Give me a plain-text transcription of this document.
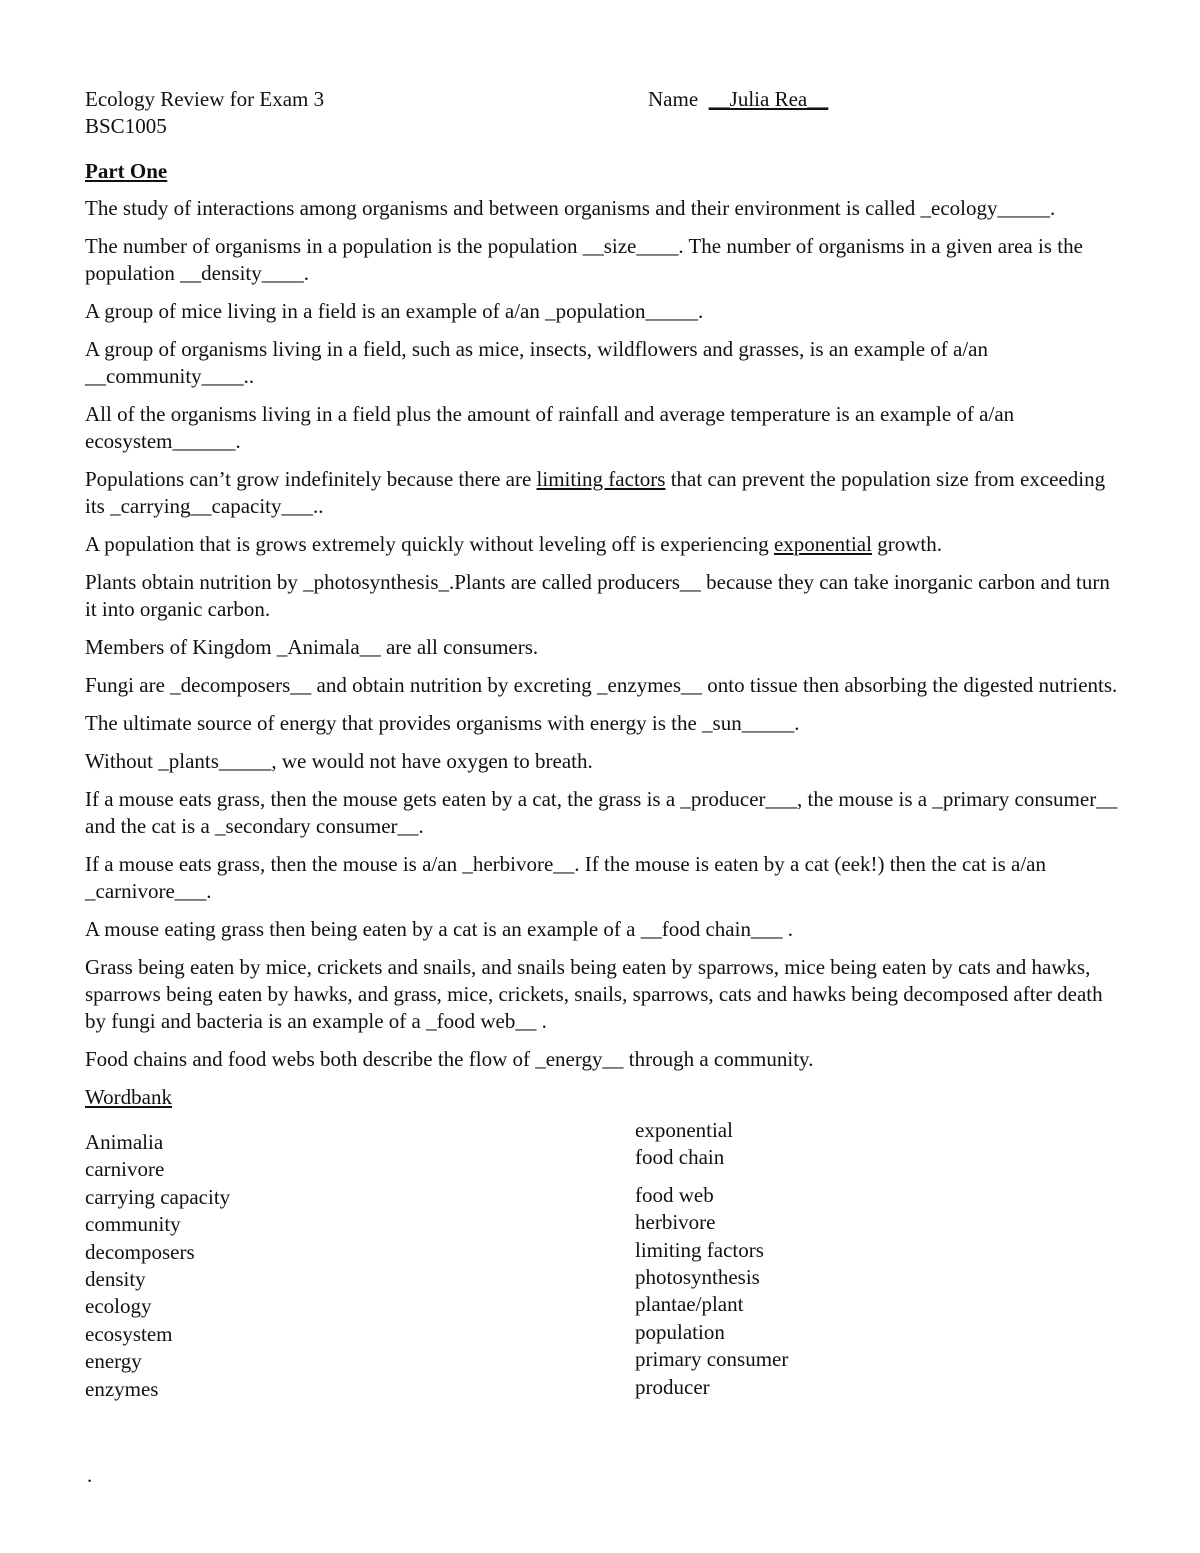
Ecology Review for Exam 3	Name __Julia Rea__
BSC1005
Part One

The study of interactions among organisms and between organisms and their environment is called _ecology_____.

The number of organisms in a population is the population __size____. The number of organisms in a given area is the population __density____.

A group of mice living in a field is an example of a/an _population_____.

A group of organisms living in a field, such as mice, insects, wildflowers and grasses, is an example of a/an __community____..

All of the organisms living in a field plus the amount of rainfall and average temperature is an example of a/an ecosystem______.

Populations can’t grow indefinitely because there are limiting factors that can prevent the population size from exceeding its _carrying__capacity___..

A population that is grows extremely quickly without leveling off is experiencing exponential growth.

Plants obtain nutrition by _photosynthesis_.Plants are called producers__ because they can take inorganic carbon and turn it into organic carbon.

Members of Kingdom _Animala__ are all consumers.

Fungi are _decomposers__ and obtain nutrition by excreting _enzymes__ onto tissue then absorbing the digested nutrients.

The ultimate source of energy that provides organisms with energy is the _sun_____.

Without _plants_____, we would not have oxygen to breath.

If a mouse eats grass, then the mouse gets eaten by a cat, the grass is a _producer___, the mouse is a _primary consumer__ and the cat is a _secondary consumer__.

If a mouse eats grass, then the mouse is a/an _herbivore__. If the mouse is eaten by a cat (eek!) then the cat is a/an _carnivore___.

A mouse eating grass then being eaten by a cat is an example of a __food chain___ .

Grass being eaten by mice, crickets and snails, and snails being eaten by sparrows, mice being eaten by cats and hawks, sparrows being eaten by hawks, and grass, mice, crickets, snails, sparrows, cats and hawks being decomposed after death by fungi and bacteria is an example of a _food web__ .

Food chains and food webs both describe the flow of _energy__ through a community.

Wordbank
Animalia
carnivore
carrying capacity
community
decomposers
density
ecology
ecosystem
energy
enzymes
exponential
food chain
food web
herbivore
limiting factors
photosynthesis
plantae/plant
population
primary consumer
producer
.
